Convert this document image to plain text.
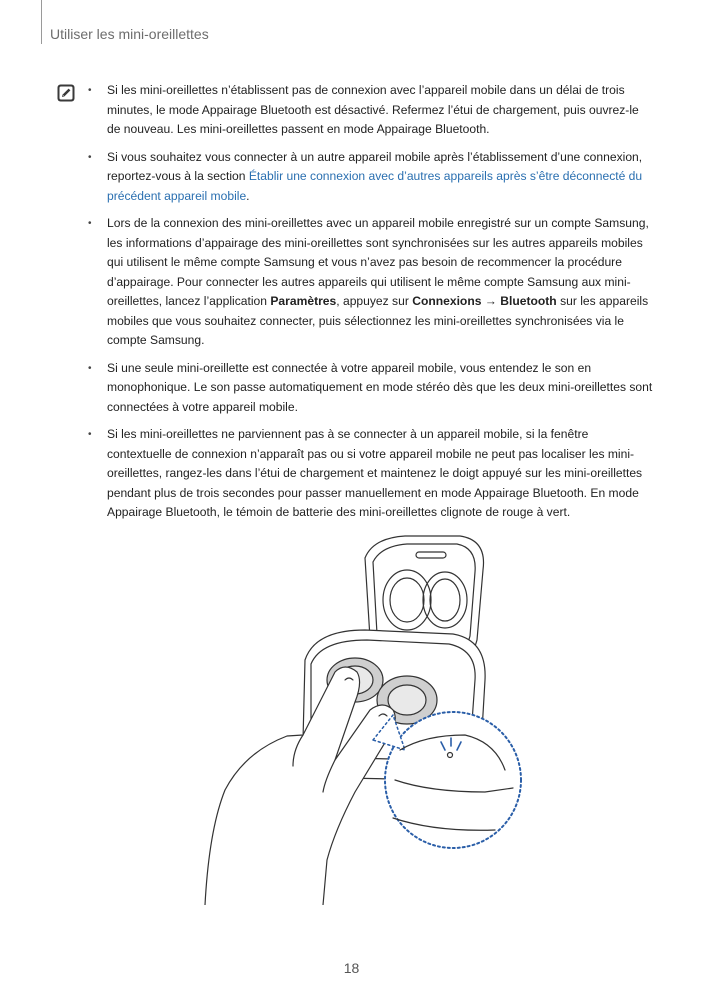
Utiliser les mini-oreillettes
• Si les mini-oreillettes n’établissent pas de connexion avec l’appareil mobile dans un délai de trois minutes, le mode Appairage Bluetooth est désactivé. Refermez l’étui de chargement, puis ouvrez-le de nouveau. Les mini-oreillettes passent en mode Appairage Bluetooth.
• Si vous souhaitez vous connecter à un autre appareil mobile après l’établissement d’une connexion, reportez-vous à la section Établir une connexion avec d’autres appareils après s’être déconnecté du précédent appareil mobile.
• Lors de la connexion des mini-oreillettes avec un appareil mobile enregistré sur un compte Samsung, les informations d’appairage des mini-oreillettes sont synchronisées sur les autres appareils mobiles qui utilisent le même compte Samsung et vous n’avez pas besoin de recommencer la procédure d’appairage. Pour connecter les autres appareils qui utilisent le même compte Samsung aux mini-oreillettes, lancez l’application Paramètres, appuyez sur Connexions → Bluetooth sur les appareils mobiles que vous souhaitez connecter, puis sélectionnez les mini-oreillettes synchronisées via le compte Samsung.
• Si une seule mini-oreillette est connectée à votre appareil mobile, vous entendez le son en monophonique. Le son passe automatiquement en mode stéréo dès que les deux mini-oreillettes sont connectées à votre appareil mobile.
• Si les mini-oreillettes ne parviennent pas à se connecter à un appareil mobile, si la fenêtre contextuelle de connexion n’apparaît pas ou si votre appareil mobile ne peut pas localiser les mini-oreillettes, rangez-les dans l’étui de chargement et maintenez le doigt appuyé sur les mini-oreillettes pendant plus de trois secondes pour passer manuellement en mode Appairage Bluetooth. En mode Appairage Bluetooth, le témoin de batterie des mini-oreillettes clignote de rouge à vert.
18
